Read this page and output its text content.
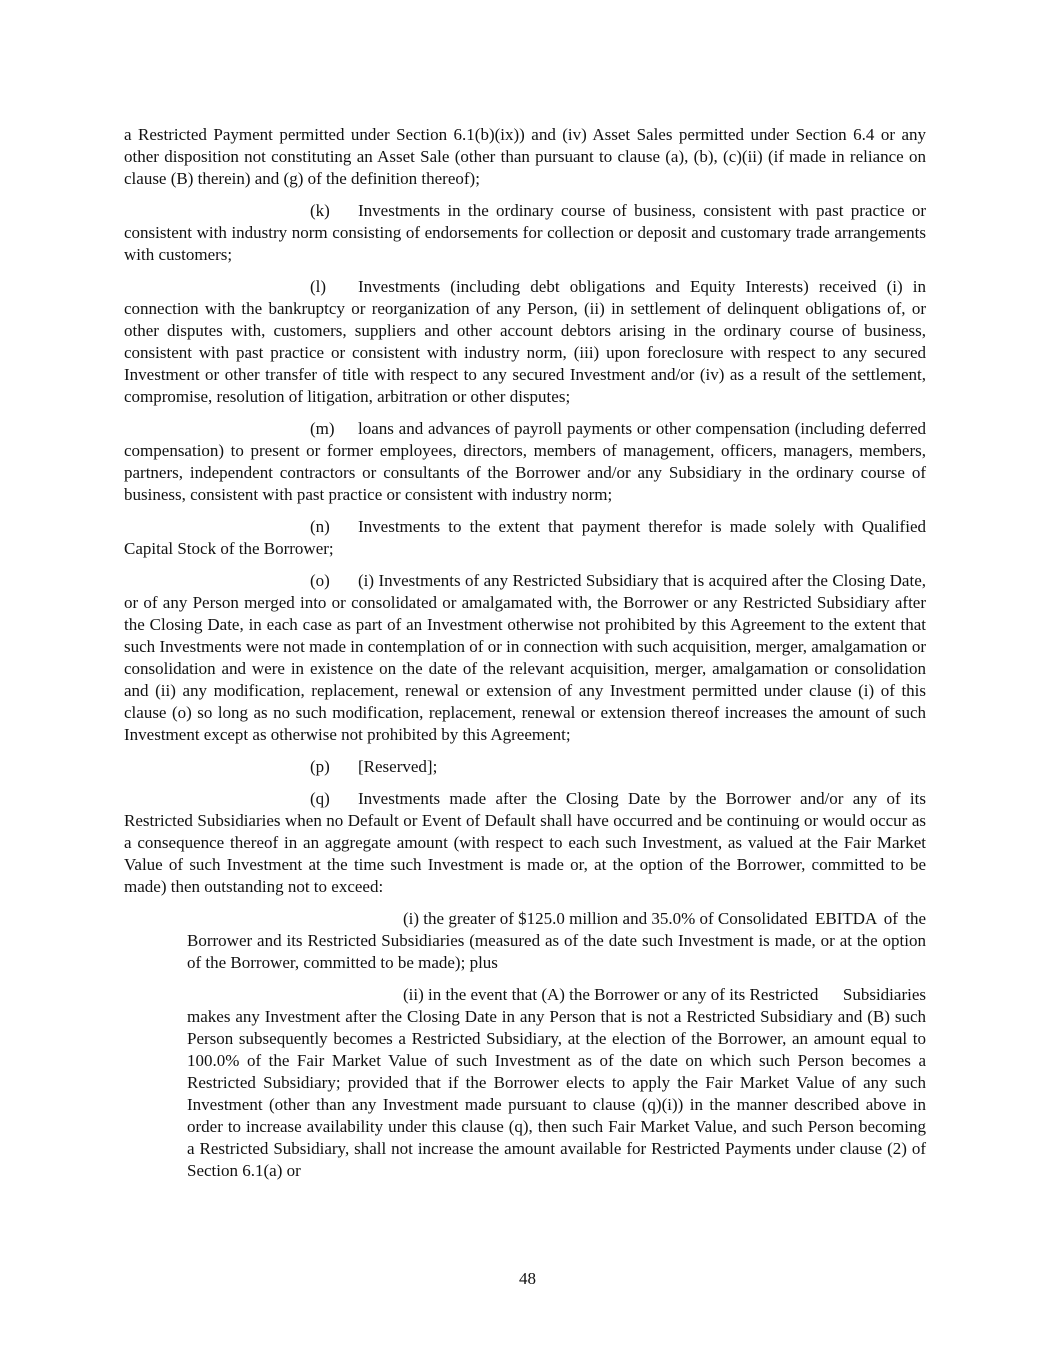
a Restricted Payment permitted under Section 6.1(b)(ix)) and (iv) Asset Sales permitted under Section 6.4 or any other disposition not constituting an Asset Sale (other than pursuant to clause (a), (b), (c)(ii) (if made in reliance on clause (B) therein) and (g) of the definition thereof);

(k) Investments in the ordinary course of business, consistent with past practice or consistent with industry norm consisting of endorsements for collection or deposit and customary trade arrangements with customers;

(l) Investments (including debt obligations and Equity Interests) received (i) in connection with the bankruptcy or reorganization of any Person, (ii) in settlement of delinquent obligations of, or other disputes with, customers, suppliers and other account debtors arising in the ordinary course of business, consistent with past practice or consistent with industry norm, (iii) upon foreclosure with respect to any secured Investment or other transfer of title with respect to any secured Investment and/or (iv) as a result of the settlement, compromise, resolution of litigation, arbitration or other disputes;

(m) loans and advances of payroll payments or other compensation (including deferred compensation) to present or former employees, directors, members of management, officers, managers, members, partners, independent contractors or consultants of the Borrower and/or any Subsidiary in the ordinary course of business, consistent with past practice or consistent with industry norm;

(n) Investments to the extent that payment therefor is made solely with Qualified Capital Stock of the Borrower;

(o) (i) Investments of any Restricted Subsidiary that is acquired after the Closing Date, or of any Person merged into or consolidated or amalgamated with, the Borrower or any Restricted Subsidiary after the Closing Date, in each case as part of an Investment otherwise not prohibited by this Agreement to the extent that such Investments were not made in contemplation of or in connection with such acquisition, merger, amalgamation or consolidation and were in existence on the date of the relevant acquisition, merger, amalgamation or consolidation and (ii) any modification, replacement, renewal or extension of any Investment permitted under clause (i) of this clause (o) so long as no such modification, replacement, renewal or extension thereof increases the amount of such Investment except as otherwise not prohibited by this Agreement;

(p) [Reserved];

(q) Investments made after the Closing Date by the Borrower and/or any of its Restricted Subsidiaries when no Default or Event of Default shall have occurred and be continuing or would occur as a consequence thereof in an aggregate amount (with respect to each such Investment, as valued at the Fair Market Value of such Investment at the time such Investment is made or, at the option of the Borrower, committed to be made) then outstanding not to exceed:

(i) the greater of $125.0 million and 35.0% of Consolidated EBITDA of the Borrower and its Restricted Subsidiaries (measured as of the date such Investment is made, or at the option of the Borrower, committed to be made); plus

(ii) in the event that (A) the Borrower or any of its Restricted Subsidiaries makes any Investment after the Closing Date in any Person that is not a Restricted Subsidiary and (B) such Person subsequently becomes a Restricted Subsidiary, at the election of the Borrower, an amount equal to 100.0% of the Fair Market Value of such Investment as of the date on which such Person becomes a Restricted Subsidiary; provided that if the Borrower elects to apply the Fair Market Value of any such Investment (other than any Investment made pursuant to clause (q)(i)) in the manner described above in order to increase availability under this clause (q), then such Fair Market Value, and such Person becoming a Restricted Subsidiary, shall not increase the amount available for Restricted Payments under clause (2) of Section 6.1(a) or

48
